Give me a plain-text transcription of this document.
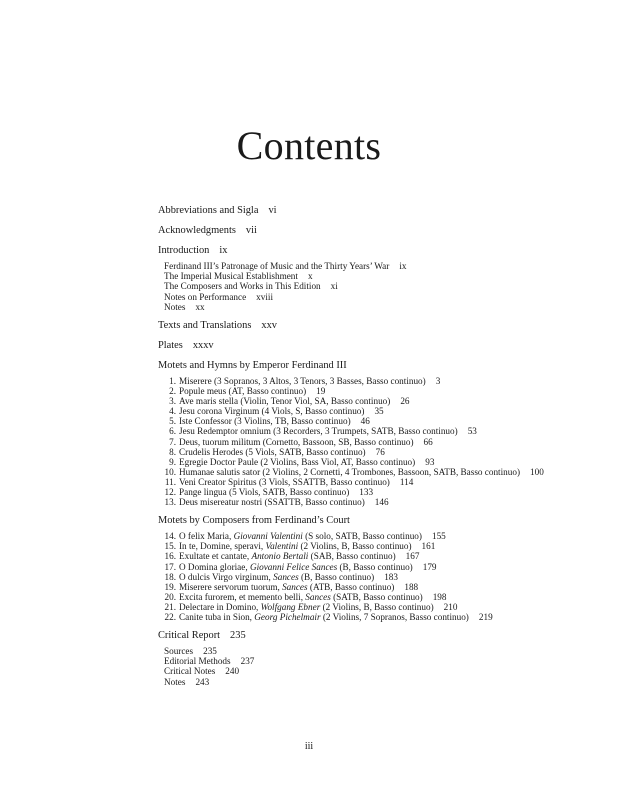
Contents
Abbreviations and Sigla vi
Acknowledgments vii
Introduction ix
Ferdinand III’s Patronage of Music and the Thirty Years’ War ix
The Imperial Musical Establishment x
The Composers and Works in This Edition xi
Notes on Performance xviii
Notes xx
Texts and Translations xxv
Plates xxxv
Motets and Hymns by Emperor Ferdinand III
1. Miserere (3 Sopranos, 3 Altos, 3 Tenors, 3 Basses, Basso continuo) 3
2. Popule meus (AT, Basso continuo) 19
3. Ave maris stella (Violin, Tenor Viol, SA, Basso continuo) 26
4. Jesu corona Virginum (4 Viols, S, Basso continuo) 35
5. Iste Confessor (3 Violins, TB, Basso continuo) 46
6. Jesu Redemptor omnium (3 Recorders, 3 Trumpets, SATB, Basso continuo) 53
7. Deus, tuorum militum (Cornetto, Bassoon, SB, Basso continuo) 66
8. Crudelis Herodes (5 Viols, SATB, Basso continuo) 76
9. Egregie Doctor Paule (2 Violins, Bass Viol, AT, Basso continuo) 93
10. Humanae salutis sator (2 Violins, 2 Cornetti, 4 Trombones, Bassoon, SATB, Basso continuo) 100
11. Veni Creator Spiritus (3 Viols, SSATTB, Basso continuo) 114
12. Pange lingua (5 Viols, SATB, Basso continuo) 133
13. Deus misereatur nostri (SSATTB, Basso continuo) 146
Motets by Composers from Ferdinand’s Court
14. O felix Maria, Giovanni Valentini (S solo, SATB, Basso continuo) 155
15. In te, Domine, speravi, Valentini (2 Violins, B, Basso continuo) 161
16. Exultate et cantate, Antonio Bertali (SAB, Basso continuo) 167
17. O Domina gloriae, Giovanni Felice Sances (B, Basso continuo) 179
18. O dulcis Virgo virginum, Sances (B, Basso continuo) 183
19. Miserere servorum tuorum, Sances (ATB, Basso continuo) 188
20. Excita furorem, et memento belli, Sances (SATB, Basso continuo) 198
21. Delectare in Domino, Wolfgang Ebner (2 Violins, B, Basso continuo) 210
22. Canite tuba in Sion, Georg Pichelmair (2 Violins, 7 Sopranos, Basso continuo) 219
Critical Report 235
Sources 235
Editorial Methods 237
Critical Notes 240
Notes 243
iii
